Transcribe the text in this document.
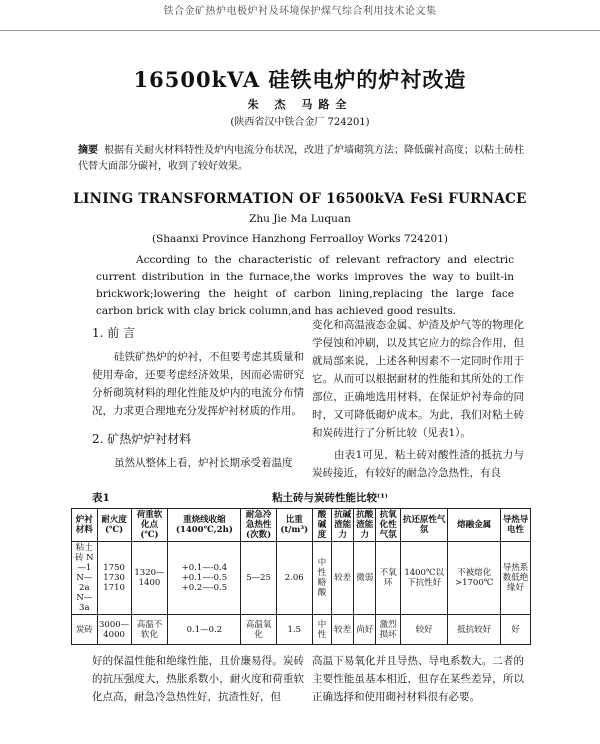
铁合金矿热炉电极炉衬及环境保护煤气综合利用技术论文集
16500kVA 硅铁电炉的炉衬改造
朱 杰 马路全
(陕西省汉中铁合金厂 724201)
摘要 根据有关耐火材料特性及炉内电流分布状况，改进了炉墙砌筑方法；降低碳衬高度；以粘土砖柱代替大面部分碳衬，收到了较好效果。
LINING TRANSFORMATION OF 16500kVA FeSi FURNACE
Zhu Jie Ma Luquan
(Shaanxi Province Hanzhong Ferroalloy Works 724201)
According to the characteristic of relevant refractory and electric current distribution in the furnace,the works improves the way to built-in brickwork;lowering the height of carbon lining,replacing the large face carbon brick with clay brick column,and has achieved good results.
1. 前 言
硅铁矿热炉的炉衬，不但要考虑其质量和使用寿命，还要考虑经济效果，因而必需研究分析砌筑材料的理化性能及炉内的电流分布情况，力求更合理地充分发挥炉衬材质的作用。
2. 矿热炉炉衬材料
虽然从整体上看，炉衬长期承受着温度
变化和高温液态金属、炉渣及炉气等的物理化学侵蚀和冲刷，以及其它应力的综合作用，但就局部来说，上述各种因素不一定同时作用于它。从而可以根据耐材的性能和其所处的工作部位，正确地选用材料，在保证炉衬寿命的同时，又可降低砌炉成本。为此，我们对粘土砖和炭砖进行了分析比较（见表1）。
由表1可见，粘土砖对酸性渣的抵抗力与炭砖接近，有较好的耐急冷急热性，有良
表1	粘土砖与炭砖性能比较⁽¹⁾
炉衬材料	耐火度(℃)	荷重软化点(℃)	重烧线收缩(1400℃,2h)	耐急冷急热性(次数)	比重(t/m³)	酸碱度	抗碱渣能力	抗酸渣能力	抗氧化性气氛	抗还原性气氛	熔融金属	导热导电性
粘土砖 N—1
N—2a
N—3a	1750
1730
1710	1320—1400	+0.1—-0.4
+0.1—-0.5
+0.2—-0.5	5—25	2.06	中性略酸	较差	微弱	不氧环	1400℃以下抗性好	不被熔化 >1700℃	导热系数低绝缘好
炭砖	3000—4000	高温不软化	0.1—0.2	高温氧化	1.5	中性	较差	尚好	激烈损坏	较好	抵抗较好	好
好的保温性能和绝缘性能，且价廉易得。炭砖的抗压强度大，热胀系数小，耐火度和荷重软化点高，耐急冷急热性好，抗渣性好，但
高温下易氧化并且导热、导电系数大。二者的主要性能虽基本相近，但存在某些差异，所以正确选择和使用砌衬材料很有必要。
